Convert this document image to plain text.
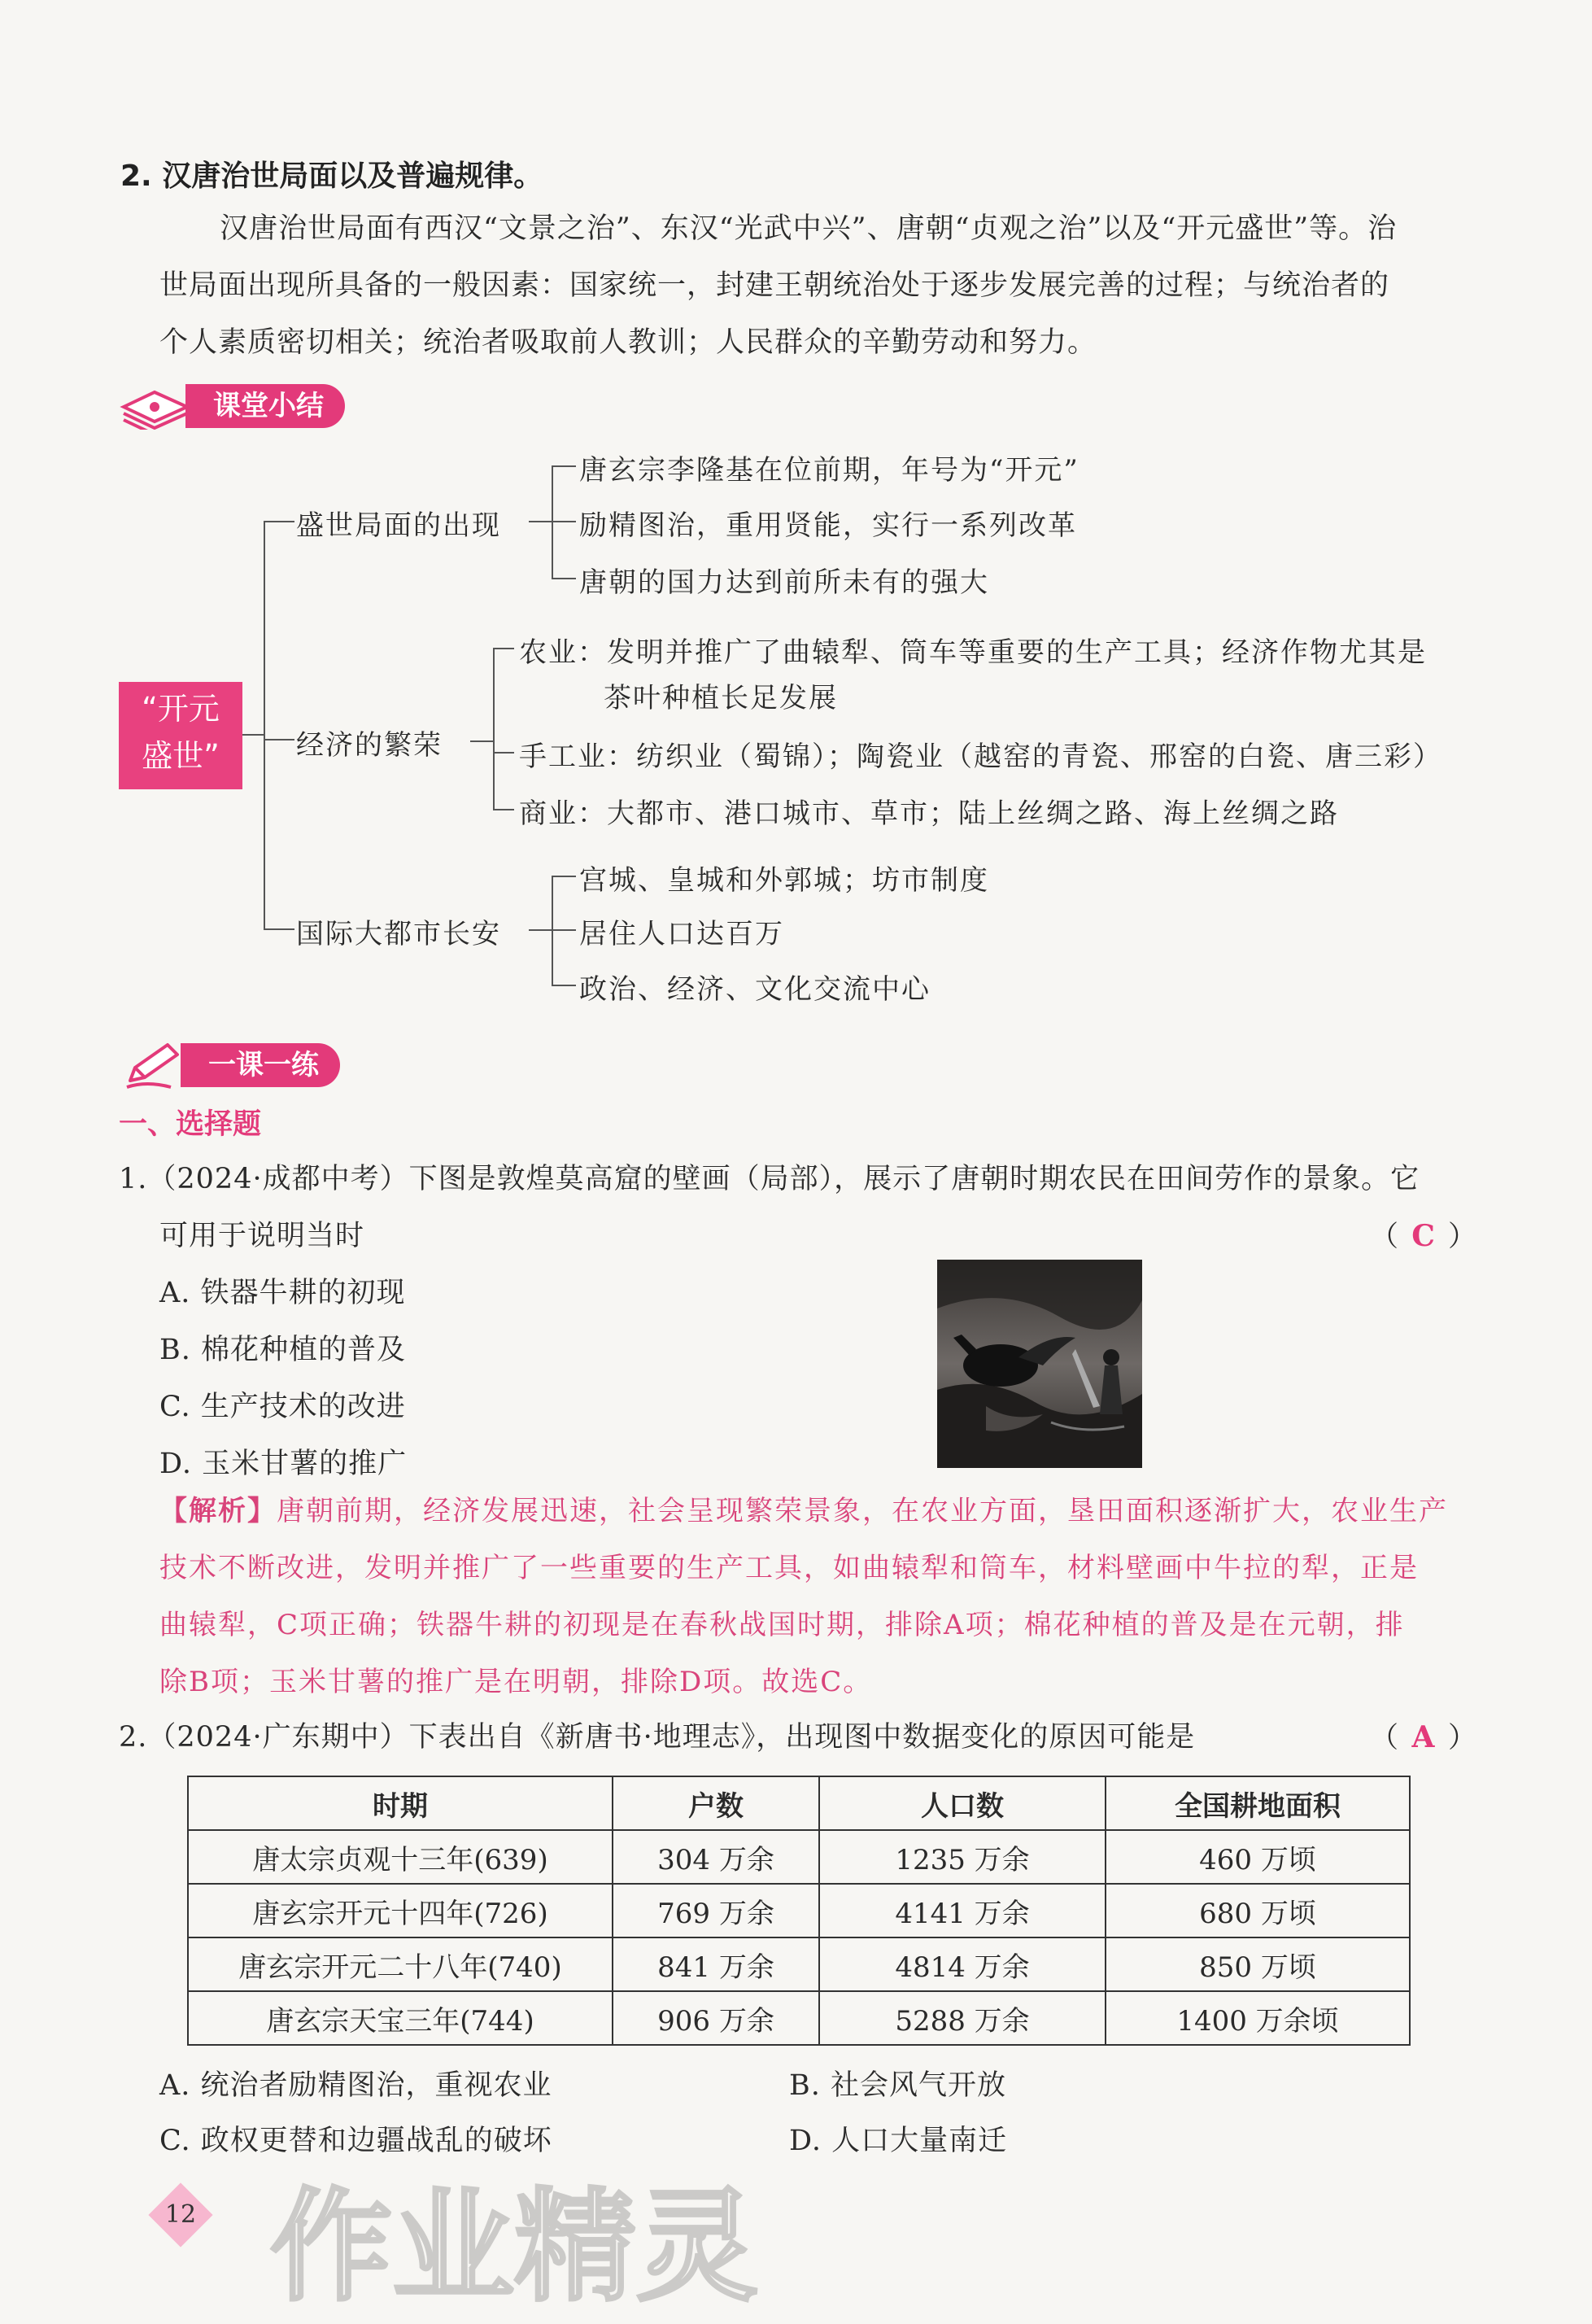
2. 汉唐治世局面以及普遍规律。
汉唐治世局面有西汉“文景之治”、东汉“光武中兴”、唐朝“贞观之治”以及“开元盛世”等。治
世局面出现所具备的一般因素：国家统一，封建王朝统治处于逐步发展完善的过程；与统治者的
个人素质密切相关；统治者吸取前人教训；人民群众的辛勤劳动和努力。
课堂小结
“开元
盛世”
盛世局面的出现
唐玄宗李隆基在位前期，年号为“开元”
励精图治，重用贤能，实行一系列改革
唐朝的国力达到前所未有的强大
经济的繁荣
农业：发明并推广了曲辕犁、筒车等重要的生产工具；经济作物尤其是
茶叶种植长足发展
手工业：纺织业（蜀锦）；陶瓷业（越窑的青瓷、邢窑的白瓷、唐三彩）
商业：大都市、港口城市、草市；陆上丝绸之路、海上丝绸之路
国际大都市长安
宫城、皇城和外郭城；坊市制度
居住人口达百万
政治、经济、文化交流中心
一课一练
一、选择题
1.（2024·成都中考）下图是敦煌莫高窟的壁画（局部），展示了唐朝时期农民在田间劳作的景象。它
可用于说明当时	（ C ）
A. 铁器牛耕的初现
B. 棉花种植的普及
C. 生产技术的改进
D. 玉米甘薯的推广
【解析】唐朝前期，经济发展迅速，社会呈现繁荣景象，在农业方面，垦田面积逐渐扩大，农业生产
技术不断改进，发明并推广了一些重要的生产工具，如曲辕犁和筒车，材料壁画中牛拉的犁，正是
曲辕犁，C项正确；铁器牛耕的初现是在春秋战国时期，排除A项；棉花种植的普及是在元朝，排
除B项；玉米甘薯的推广是在明朝，排除D项。故选C。
2.（2024·广东期中）下表出自《新唐书·地理志》，出现图中数据变化的原因可能是	（ A ）
时期	户数	人口数	全国耕地面积
唐太宗贞观十三年(639)	304 万余	1235 万余	460 万顷
唐玄宗开元十四年(726)	769 万余	4141 万余	680 万顷
唐玄宗开元二十八年(740)	841 万余	4814 万余	850 万顷
唐玄宗天宝三年(744)	906 万余	5288 万余	1400 万余顷
A. 统治者励精图治，重视农业	B. 社会风气开放
C. 政权更替和边疆战乱的破坏	D. 人口大量南迁
12 作业精灵
